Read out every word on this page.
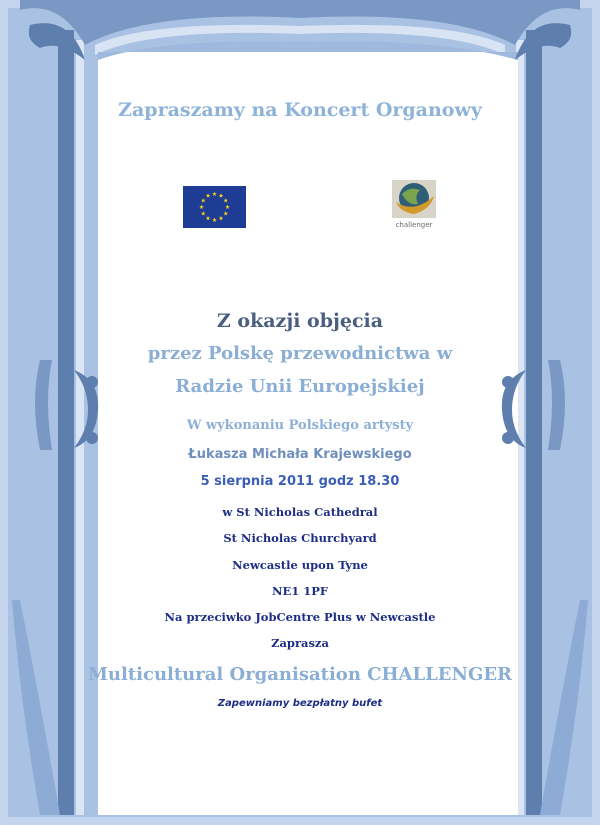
Zapraszamy na Koncert Organowy
challenger
Z okazji objęcia
przez Polskę przewodnictwa w
Radzie Unii Europejskiej
W wykonaniu Polskiego artysty
Łukasza Michała Krajewskiego
5 sierpnia 2011 godz 18.30
w St Nicholas Cathedral
St Nicholas Churchyard
Newcastle upon Tyne
NE1 1PF
Na przeciwko JobCentre Plus w Newcastle
Zaprasza
Multicultural Organisation CHALLENGER
Zapewniamy bezpłatny bufet
